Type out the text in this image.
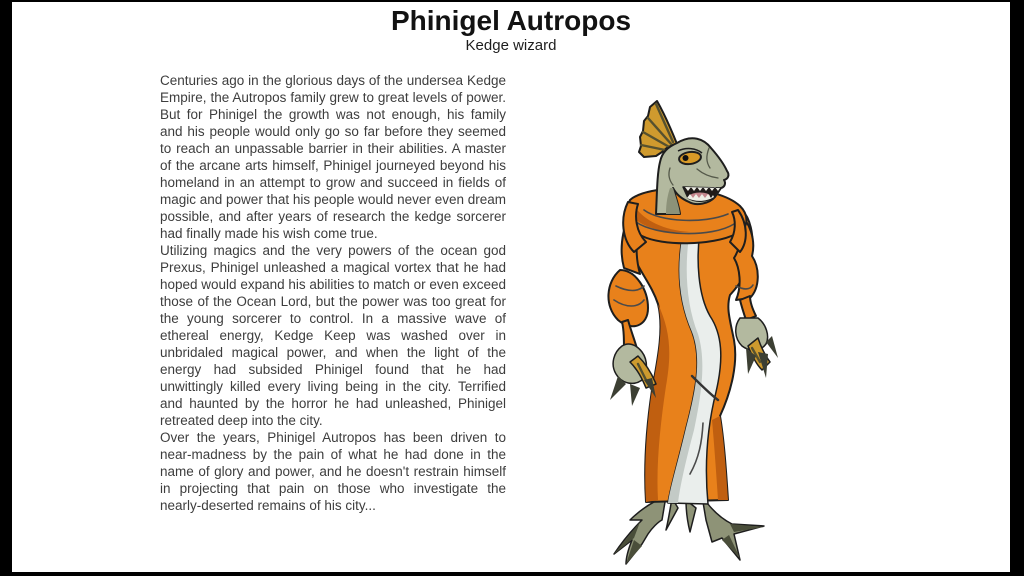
Phinigel Autropos
Kedge wizard

Centuries ago in the glorious days of the undersea Kedge Empire, the Autropos family grew to great levels of power. But for Phinigel the growth was not enough, his family and his people would only go so far before they seemed to reach an unpassable barrier in their abilities. A master of the arcane arts himself, Phinigel journeyed beyond his homeland in an attempt to grow and succeed in fields of magic and power that his people would never even dream possible, and after years of research the kedge sorcerer had finally made his wish come true.

Utilizing magics and the very powers of the ocean god Prexus, Phinigel unleashed a magical vortex that he had hoped would expand his abilities to match or even exceed those of the Ocean Lord, but the power was too great for the young sorcerer to control. In a massive wave of ethereal energy, Kedge Keep was washed over in unbridaled magical power, and when the light of the energy had subsided Phinigel found that he had unwittingly killed every living being in the city. Terrified and haunted by the horror he had unleashed, Phinigel retreated deep into the city.

Over the years, Phinigel Autropos has been driven to near-madness by the pain of what he had done in the name of glory and power, and he doesn't restrain himself in projecting that pain on those who investigate the nearly-deserted remains of his city...
